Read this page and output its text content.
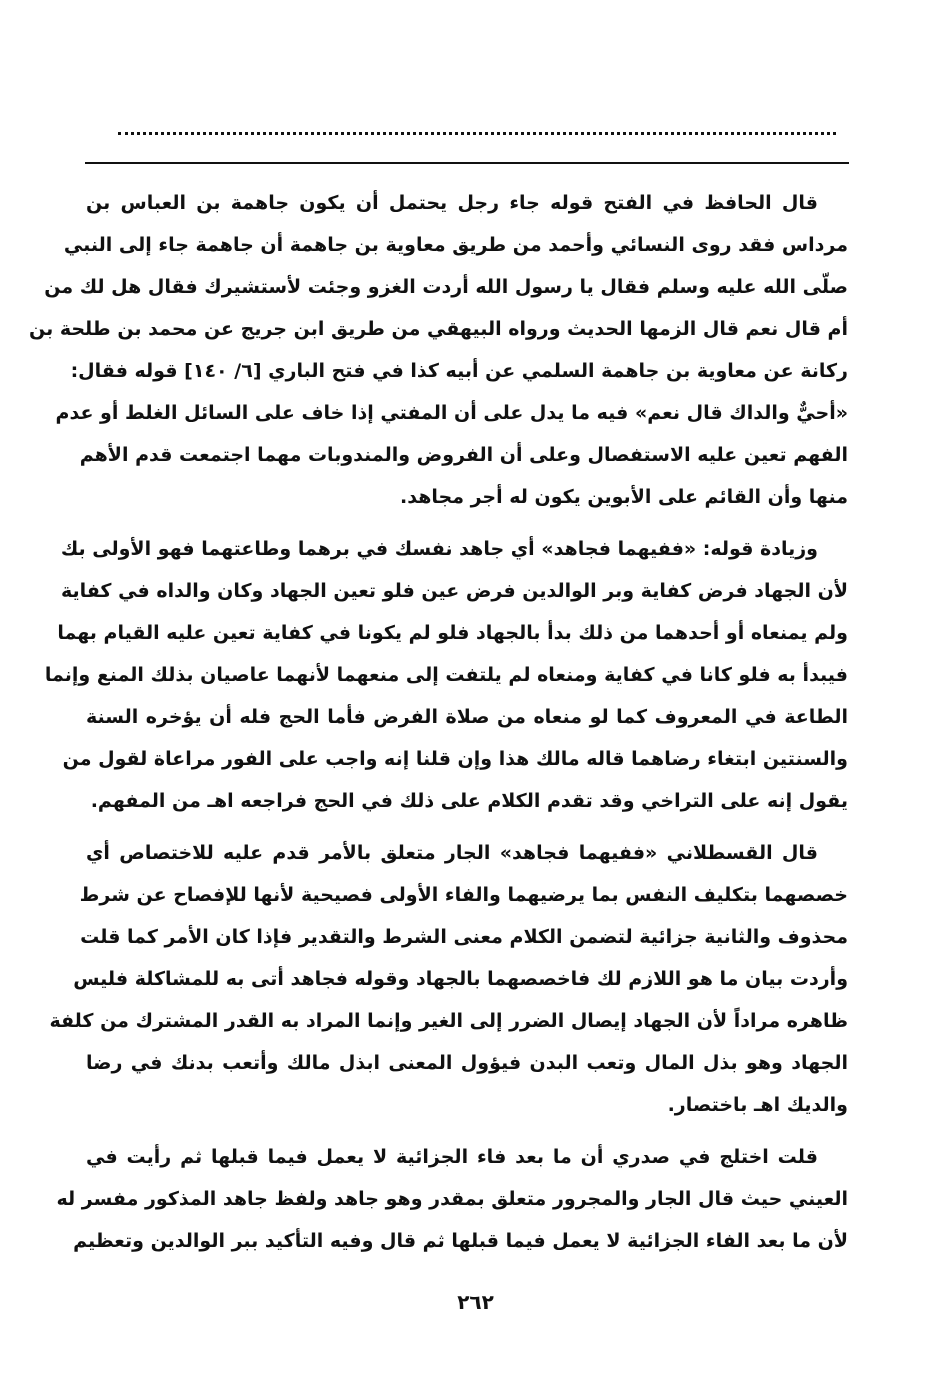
قال الحافظ في الفتح قوله جاء رجل يحتمل أن يكون جاهمة بن العباس بن
مرداس فقد روى النسائي وأحمد من طريق معاوية بن جاهمة أن جاهمة جاء إلى النبي
صلّى الله عليه وسلم فقال يا رسول الله أردت الغزو وجئت لأستشيرك فقال هل لك من
أم قال نعم قال الزمها الحديث ورواه البيهقي من طريق ابن جريج عن محمد بن طلحة بن
ركانة عن معاوية بن جاهمة السلمي عن أبيه كذا في فتح الباري [٦/ ١٤٠] قوله فقال:
«أحيٌّ والداك قال نعم» فيه ما يدل على أن المفتي إذا خاف على السائل الغلط أو عدم
الفهم تعين عليه الاستفصال وعلى أن الفروض والمندوبات مهما اجتمعت قدم الأهم
منها وأن القائم على الأبوين يكون له أجر مجاهد.
وزيادة قوله: «ففيهما فجاهد» أي جاهد نفسك في برهما وطاعتهما فهو الأولى بك
لأن الجهاد فرض كفاية وبر الوالدين فرض عين فلو تعين الجهاد وكان والداه في كفاية
ولم يمنعاه أو أحدهما من ذلك بدأ بالجهاد فلو لم يكونا في كفاية تعين عليه القيام بهما
فيبدأ به فلو كانا في كفاية ومنعاه لم يلتفت إلى منعهما لأنهما عاصيان بذلك المنع وإنما
الطاعة في المعروف كما لو منعاه من صلاة الفرض فأما الحج فله أن يؤخره السنة
والسنتين ابتغاء رضاهما قاله مالك هذا وإن قلنا إنه واجب على الفور مراعاة لقول من
يقول إنه على التراخي وقد تقدم الكلام على ذلك في الحج فراجعه اهـ من المفهم.
قال القسطلاني «ففيهما فجاهد» الجار متعلق بالأمر قدم عليه للاختصاص أي
خصصهما بتكليف النفس بما يرضيهما والفاء الأولى فصيحية لأنها للإفصاح عن شرط
محذوف والثانية جزائية لتضمن الكلام معنى الشرط والتقدير فإذا كان الأمر كما قلت
وأردت بيان ما هو اللازم لك فاخصصهما بالجهاد وقوله فجاهد أتى به للمشاكلة فليس
ظاهره مراداً لأن الجهاد إيصال الضرر إلى الغير وإنما المراد به القدر المشترك من كلفة
الجهاد وهو بذل المال وتعب البدن فيؤول المعنى ابذل مالك وأتعب بدنك في رضا
والديك اهـ باختصار.
قلت اختلج في صدري أن ما بعد فاء الجزائية لا يعمل فيما قبلها ثم رأيت في
العيني حيث قال الجار والمجرور متعلق بمقدر وهو جاهد ولفظ جاهد المذكور مفسر له
لأن ما بعد الفاء الجزائية لا يعمل فيما قبلها ثم قال وفيه التأكيد ببر الوالدين وتعظيم
٢٦٢
